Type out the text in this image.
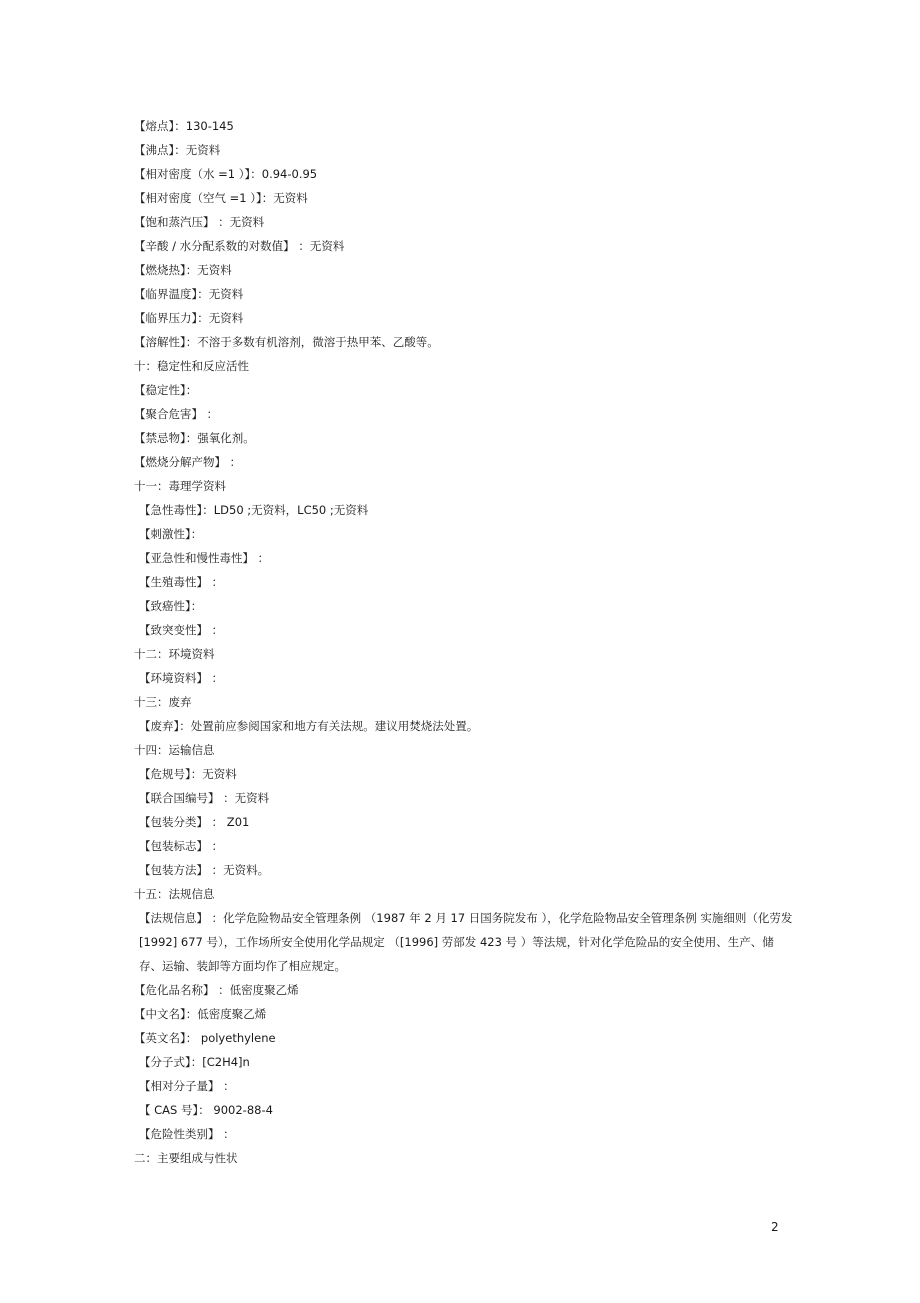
【熔点】：130-145
【沸点】：无资料
【相对密度（水 =1 ）】：0.94-0.95
【相对密度（空气 =1 ）】：无资料
【饱和蒸汽压】 ：无资料
【辛酸 / 水分配系数的对数值】 ：无资料
【燃烧热】：无资料
【临界温度】：无资料
【临界压力】：无资料
【溶解性】：不溶于多数有机溶剂，微溶于热甲苯、乙酸等。
十：稳定性和反应活性
【稳定性】：
【聚合危害】 ：
【禁忌物】：强氧化剂。
【燃烧分解产物】 ：
十一：毒理学资料
【急性毒性】：LD50 ;无资料，LC50 ;无资料
【刺激性】：
【亚急性和慢性毒性】 ：
【生殖毒性】 ：
【致癌性】：
【致突变性】 ：
十二：环境资料
【环境资料】 ：
十三：废弃
【废弃】：处置前应参阅国家和地方有关法规。建议用焚烧法处置。
十四：运输信息
【危规号】：无资料
【联合国编号】 ：无资料
【包装分类】 ： Z01
【包装标志】 ：
【包装方法】 ：无资料。
十五：法规信息
【法规信息】 ：化学危险物品安全管理条例 （1987 年 2 月 17 日国务院发布 ），化学危险物品安全管理条例 实施细则（化劳发 [1992] 677 号），工作场所安全使用化学品规定 （[1996] 劳部发 423 号 ）等法规，针对化学危险品的安全使用、生产、储存、运输、装卸等方面均作了相应规定。
【危化品名称】 ：低密度聚乙烯
【中文名】：低密度聚乙烯
【英文名】： polyethylene
【分子式】：[C2H4]n
【相对分子量】 ：
【 CAS 号】： 9002-88-4
【危险性类别】 ：
二：主要组成与性状
2
